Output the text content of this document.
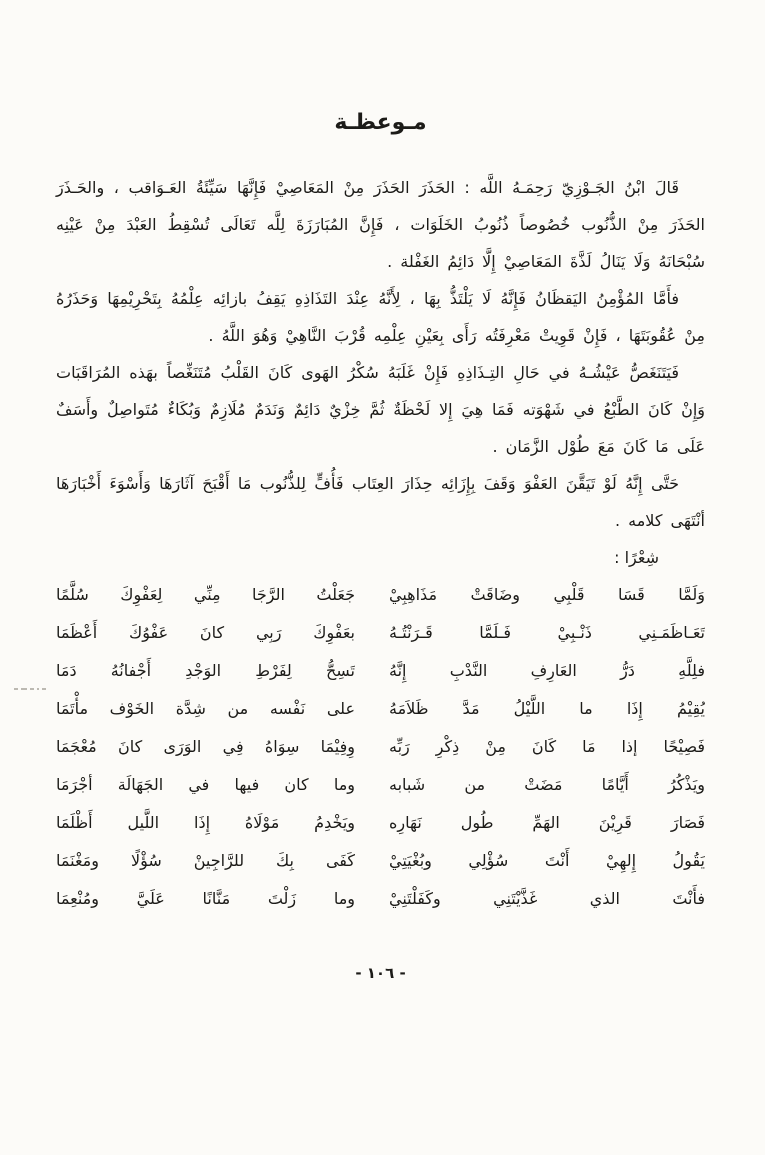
مـوعظـة

قَالَ ابْنُ الجَـوْزِيّ رَحِمَـهُ اللَّه : الحَذَرَ الحَذَرَ مِنْ المَعَاصِيْ فَإِنَّهَا سَيِّئَةُ العَـوَاقب ، والحَـذَرَ الحَذَرَ مِنْ الذُّنُوب خُصُوصاً ذُنُوبُ الخَلَوَات ، فَإِنَّ المُبَارَزَةَ لِلَّه تَعَالَى تُسْقِطُ العَبْدَ مِنْ عَيْنِه سُبْحَانَهُ وَلَا يَنَالُ لَذَّةَ المَعَاصِيْ إِلَّا دَائِمُ الغَفْلة .

فأَمَّا المُؤْمِنُ اليَقظَانُ فَإِنَّهُ لَا يَلْتَذُّ بِهَا ، لِأَنَّهُ عِنْدَ التَذَاذِهِ يَقِفُ بازائِه عِلْمُهُ بِتَحْرِيْمِهَا وَحَذَرُهُ مِنْ عُقُوبَتَهَا ، فَإِنْ قَوِيتْ مَعْرِفَتُه رَأَى بِعَيْنِ عِلْمِه قُرْبَ النَّاهِيْ وَهُوَ اللَّهُ .

فَيَتَنَغَصُّ عَيْشُـهُ في حَالِ التِـذَاذِهِ فَإِنْ غَلَبَهُ سُكْرُ الهَوى كَانَ القَلْبُ مُتَنَغِّصاً بهَذه المُرَاقَبَات وَإِنْ كَانَ الطَّبْعُ في شَهْوَته فَمَا هِيَ إِلا لَحْظَةٌ ثُمَّ خِزْيٌ دَائِمٌ وَنَدَمٌ مُلَازِمٌ وَبُكَاءٌ مُتَواصِلٌ وأَسَفٌ عَلَى مَا كَانَ مَعَ طُوْل الزَّمَان .

حَتَّى إِنَّهُ لَوْ تَيَقَّنَ العَفْوَ وَقَفَ بِإِزَائِه حِذَارَ العِتَاب فَأُفٍّ لِلذُّنُوب مَا أَقْبَحَ آثَارَهَا وَأَسْوَءَ أَخْبَارَهَا أنْتَهَى كلامه .

شِعْرًا :

وَلَمَّا قَسَا قَلْبِي وضَاقَتْ مَذَاهِبِيْ
جَعَلْتُ الرَّجَا مِنِّي لِعَفْوِكَ سُلَّمًا
تَعَـاظَمَـنِي ذَنْـبِيْ فَـلَمَّا قَـرَنْتُـهُ
بعَفْوِكَ رَبِي كانَ عَفْوُكَ أَعْظَمَا
فلِلَّهِ دَرُّ العَارِفِ النَّدْبِ إِنَّهُ
تَسِحُّ لِفَرْطِ الوَجْدِ أَجْفانُهُ دَمَا
يُقِيْمُ إِذَا ما اللَّيْلُ مَدَّ ظَلاَمَهُ
على نَفْسه من شِدَّة الخَوْف مأْتَمَا
فَصِيْحًا إذا مَا كَانَ مِنْ ذِكْرِ رَبِّه
وِفِيْمَا سِوَاهُ فِي الوَرَى كانَ مُعْجَمَا
ويَذْكُرُ أَيَّامًا مَضَتْ من شَبابه
وما كان فيها في الجَهَالَة أجْرَمَا
فَصَارَ قَرِيْنَ الهَمِّ طُول نَهَارِه
ويَخْدِمُ مَوْلَاهُ إِذَا اللَّيل أَظْلَمَا
يَقُولُ إِلهِيْ أَنْتَ سُؤْلِي وبُغْيَتِيْ
كَفَى بِكَ للرَّاجِينْ سُؤْلًا ومَغْنَمَا
فأَنْتَ الذي غَذَّيْتَنِي وكَفَلْتَنِيْ
وما زَلْتَ مَنَّانًا عَلَيَّ ومُنْعِمَا
- ١٠٦ -
